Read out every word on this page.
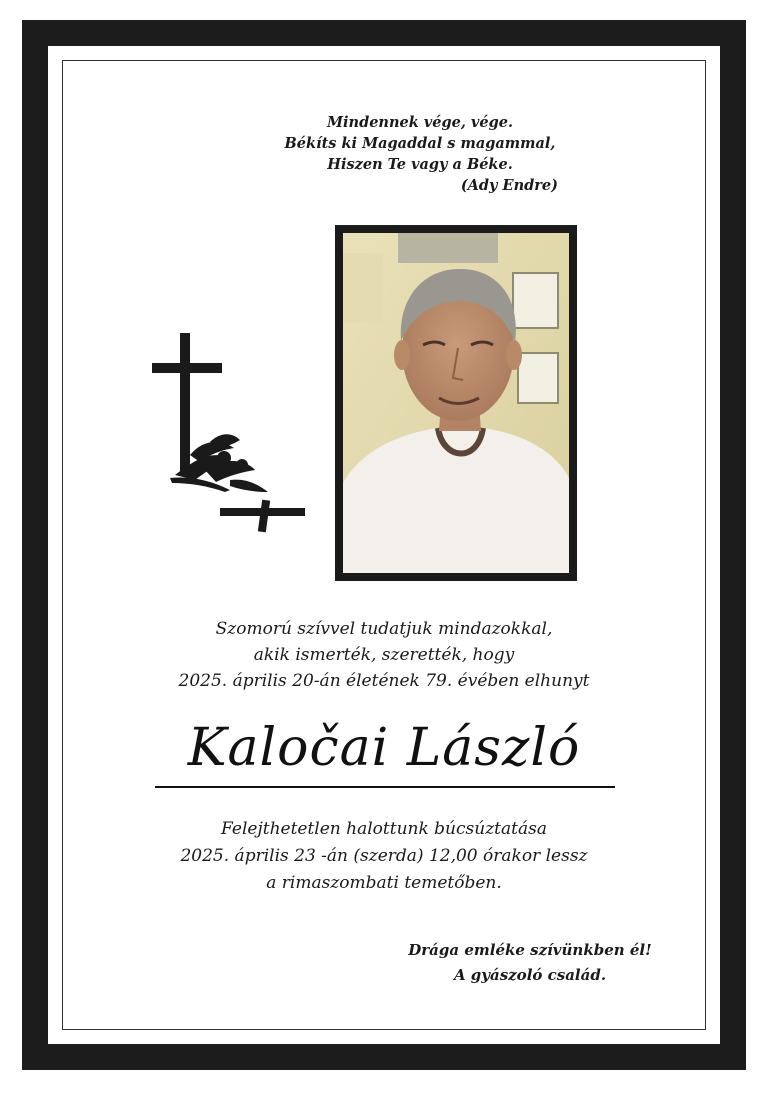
Mindennek vége, vége.
Békíts ki Magaddal s magammal,
Hiszen Te vagy a Béke.
(Ady Endre)
Szomorú szívvel tudatjuk mindazokkal,
akik ismerték, szerették, hogy
2025. április 20-án életének 79. évében elhunyt
Kaločai László
Felejthetetlen halottunk búcsúztatása
2025. április 23 -án (szerda) 12,00 órakor lessz
a rimaszombati temetőben.
Drága emléke szívünkben él!
A gyászoló család.
